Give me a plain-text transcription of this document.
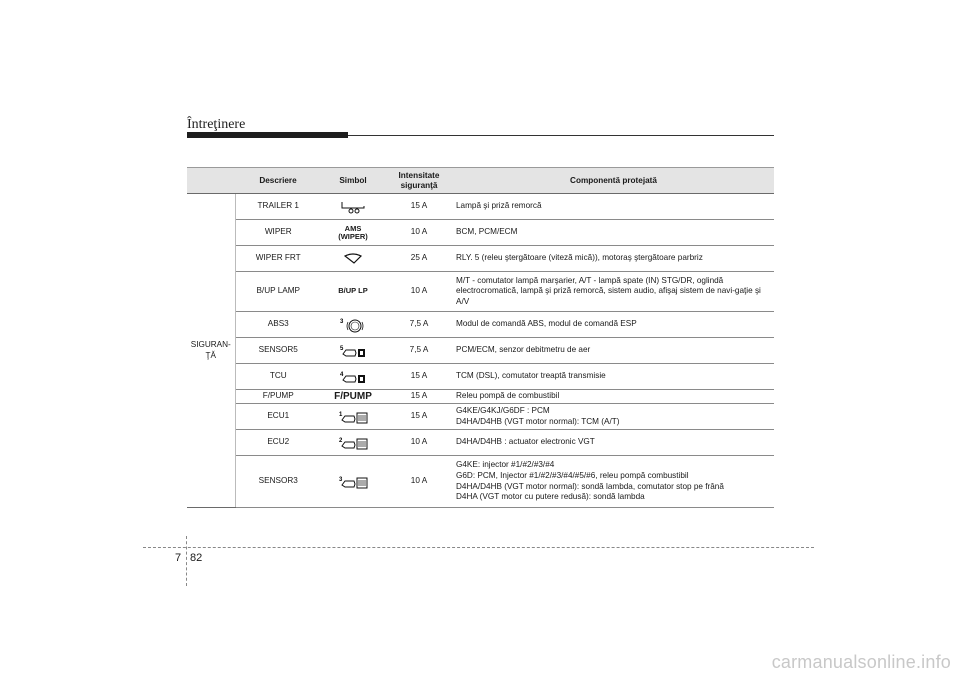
Întreţinere
	Descriere	Simbol	Intensitate siguranţă	Componentă protejată
SIGURAN-ŢĂ	TRAILER 1		15 A	Lampă şi priză remorcă
	WIPER	AMS (WIPER)	10 A	BCM, PCM/ECM
	WIPER FRT		25 A	RLY. 5 (releu ştergătoare (viteză mică)), motoraş ştergătoare parbriz
	B/UP LAMP	B/UP LP	10 A	M/T - comutator lampă marşarier, A/T - lampă spate (IN) STG/DR, oglindă electrocromatică, lampă şi priză remorcă, sistem audio, afişaj sistem de navi-gaţie şi A/V
	ABS3	3	7,5 A	Modul de comandă ABS, modul de comandă ESP
	SENSOR5	5	7,5 A	PCM/ECM, senzor debitmetru de aer
	TCU	4	15 A	TCM (DSL), comutator treaptă transmisie
	F/PUMP	F/PUMP	15 A	Releu pompă de combustibil
	ECU1	1	15 A	G4KE/G4KJ/G6DF : PCM
D4HA/D4HB (VGT motor normal): TCM (A/T)
	ECU2	2	10 A	D4HA/D4HB : actuator electronic VGT
	SENSOR3	3	10 A	G4KE: injector #1/#2/#3/#4
G6D: PCM, Injector #1/#2/#3/#4/#5/#6, releu pompă combustibil
D4HA/D4HB (VGT motor normal): sondă lambda, comutator stop pe frână
D4HA (VGT motor cu putere redusă): sondă lambda
7 82
carmanualsonline.info
